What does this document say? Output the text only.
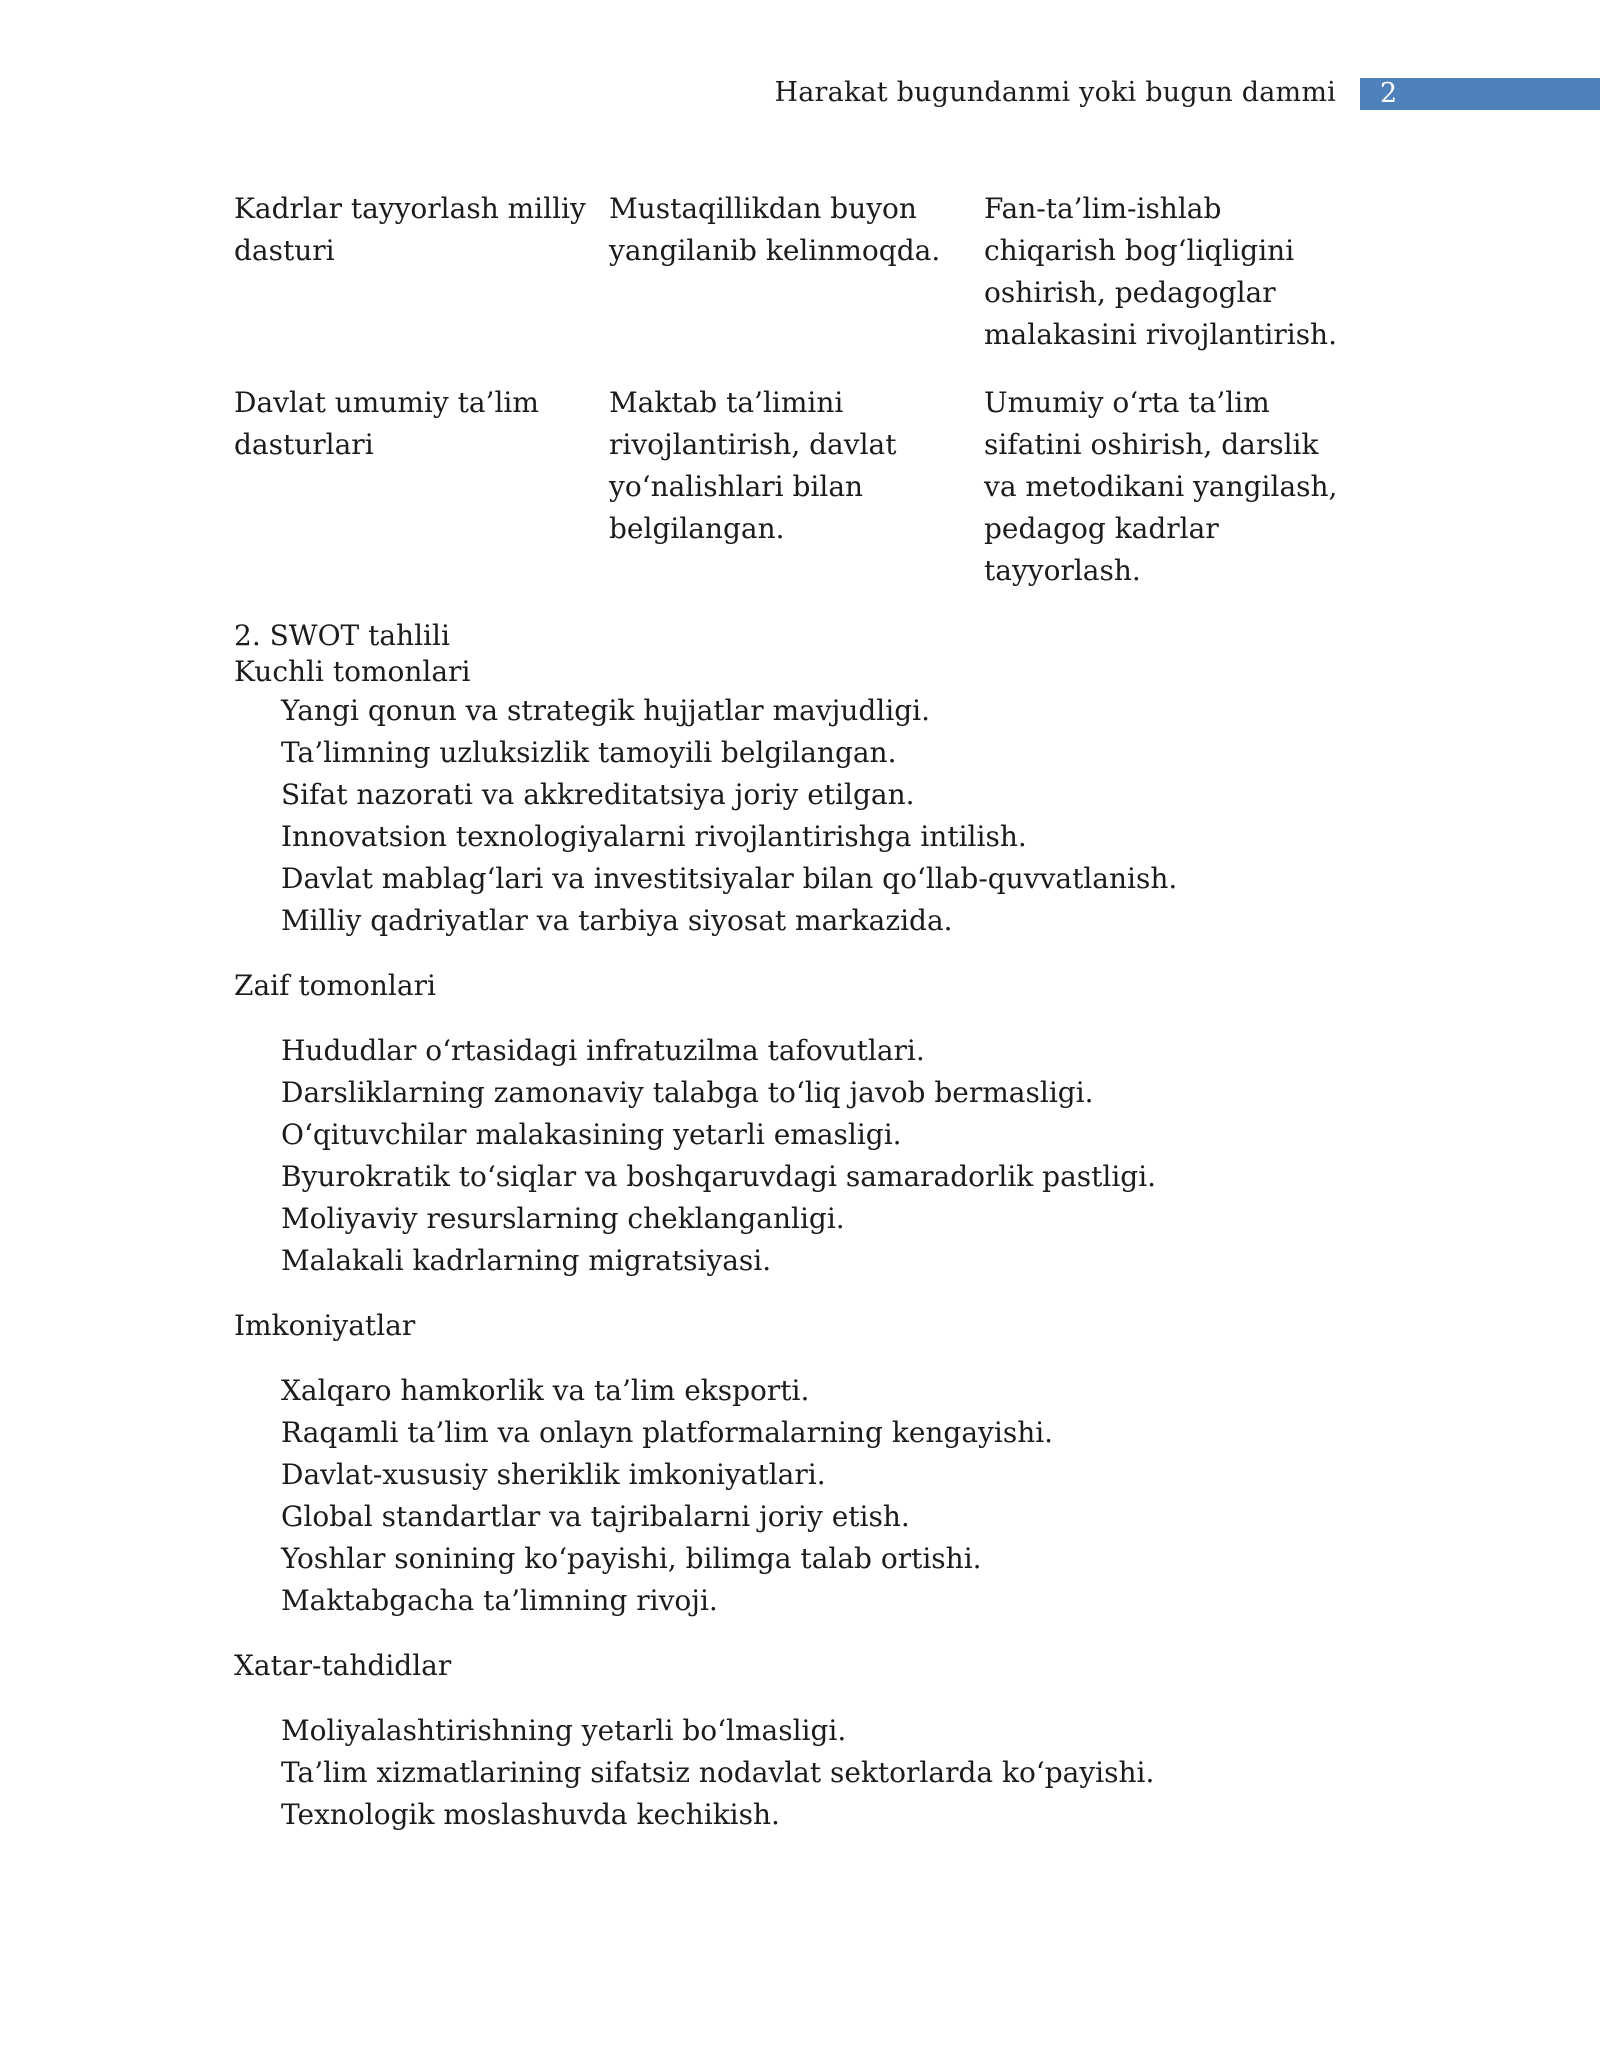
Harakat bugundanmi yoki bugun dammi	2
Kadrlar tayyorlash milliy dasturi
Mustaqillikdan buyon yangilanib kelinmoqda.
Fan-ta’lim-ishlab chiqarish bog‘liqligini oshirish, pedagoglar malakasini rivojlantirish.
Davlat umumiy ta’lim dasturlari
Maktab ta’limini rivojlantirish, davlat yo‘nalishlari bilan belgilangan.
Umumiy o‘rta ta’lim sifatini oshirish, darslik va metodikani yangilash, pedagog kadrlar tayyorlash.
2. SWOT tahlili
Kuchli tomonlari
Yangi qonun va strategik hujjatlar mavjudligi.
Ta’limning uzluksizlik tamoyili belgilangan.
Sifat nazorati va akkreditatsiya joriy etilgan.
Innovatsion texnologiyalarni rivojlantirishga intilish.
Davlat mablag‘lari va investitsiyalar bilan qo‘llab-quvvatlanish.
Milliy qadriyatlar va tarbiya siyosat markazida.
Zaif tomonlari
Hududlar o‘rtasidagi infratuzilma tafovutlari.
Darsliklarning zamonaviy talabga to‘liq javob bermasligi.
O‘qituvchilar malakasining yetarli emasligi.
Byurokratik to‘siqlar va boshqaruvdagi samaradorlik pastligi.
Moliyaviy resurslarning cheklanganligi.
Malakali kadrlarning migratsiyasi.
Imkoniyatlar
Xalqaro hamkorlik va ta’lim eksporti.
Raqamli ta’lim va onlayn platformalarning kengayishi.
Davlat-xususiy sheriklik imkoniyatlari.
Global standartlar va tajribalarni joriy etish.
Yoshlar sonining ko‘payishi, bilimga talab ortishi.
Maktabgacha ta’limning rivoji.
Xatar-tahdidlar
Moliyalashtirishning yetarli bo‘lmasligi.
Ta’lim xizmatlarining sifatsiz nodavlat sektorlarda ko‘payishi.
Texnologik moslashuvda kechikish.
